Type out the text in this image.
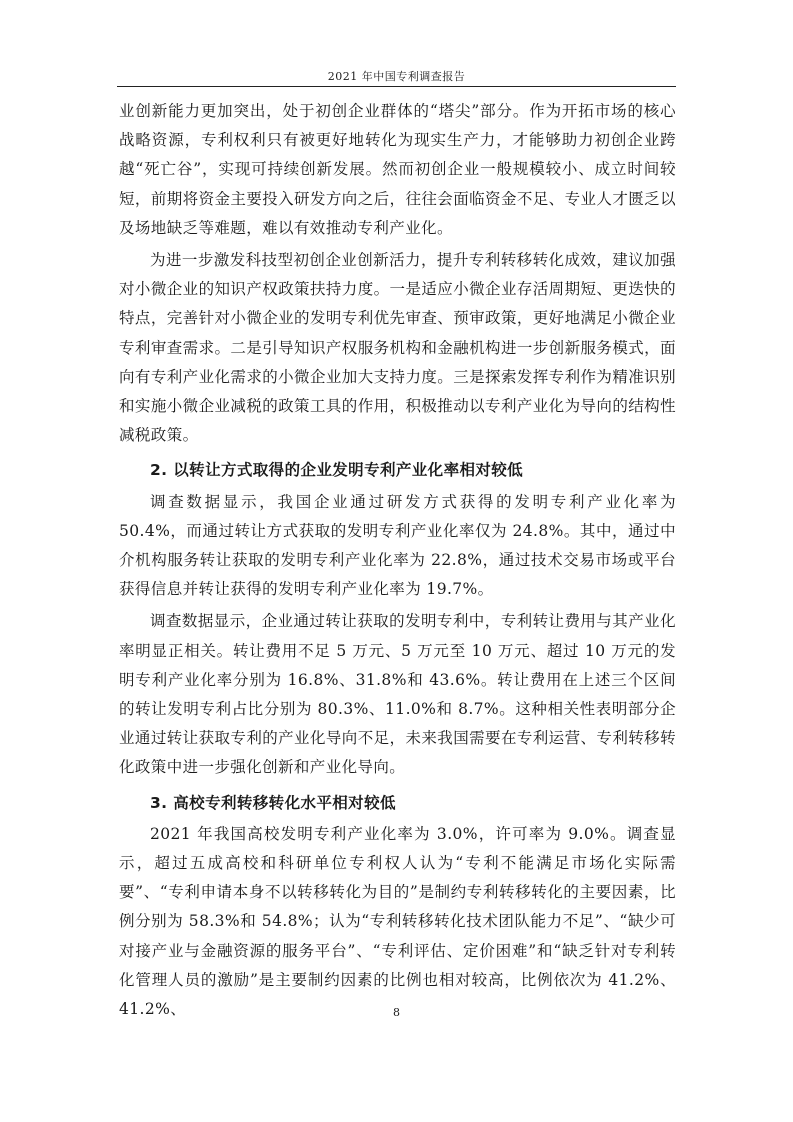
2021 年中国专利调查报告

业创新能力更加突出，处于初创企业群体的“塔尖”部分。作为开拓市场的核心战略资源，专利权利只有被更好地转化为现实生产力，才能够助力初创企业跨越“死亡谷”，实现可持续创新发展。然而初创企业一般规模较小、成立时间较短，前期将资金主要投入研发方向之后，往往会面临资金不足、专业人才匮乏以及场地缺乏等难题，难以有效推动专利产业化。

为进一步激发科技型初创企业创新活力，提升专利转移转化成效，建议加强对小微企业的知识产权政策扶持力度。一是适应小微企业存活周期短、更迭快的特点，完善针对小微企业的发明专利优先审查、预审政策，更好地满足小微企业专利审查需求。二是引导知识产权服务机构和金融机构进一步创新服务模式，面向有专利产业化需求的小微企业加大支持力度。三是探索发挥专利作为精准识别和实施小微企业减税的政策工具的作用，积极推动以专利产业化为导向的结构性减税政策。

2. 以转让方式取得的企业发明专利产业化率相对较低

调查数据显示，我国企业通过研发方式获得的发明专利产业化率为 50.4%，而通过转让方式获取的发明专利产业化率仅为 24.8%。其中，通过中介机构服务转让获取的发明专利产业化率为 22.8%，通过技术交易市场或平台获得信息并转让获得的发明专利产业化率为 19.7%。

调查数据显示，企业通过转让获取的发明专利中，专利转让费用与其产业化率明显正相关。转让费用不足 5 万元、5 万元至 10 万元、超过 10 万元的发明专利产业化率分别为 16.8%、31.8%和 43.6%。转让费用在上述三个区间的转让发明专利占比分别为 80.3%、11.0%和 8.7%。这种相关性表明部分企业通过转让获取专利的产业化导向不足，未来我国需要在专利运营、专利转移转化政策中进一步强化创新和产业化导向。

3. 高校专利转移转化水平相对较低

2021 年我国高校发明专利产业化率为 3.0%，许可率为 9.0%。调查显示，超过五成高校和科研单位专利权人认为“专利不能满足市场化实际需要”、“专利申请本身不以转移转化为目的”是制约专利转移转化的主要因素，比例分别为 58.3%和 54.8%；认为“专利转移转化技术团队能力不足”、“缺少可对接产业与金融资源的服务平台”、“专利评估、定价困难”和“缺乏针对专利转化管理人员的激励”是主要制约因素的比例也相对较高，比例依次为 41.2%、41.2%、	8
